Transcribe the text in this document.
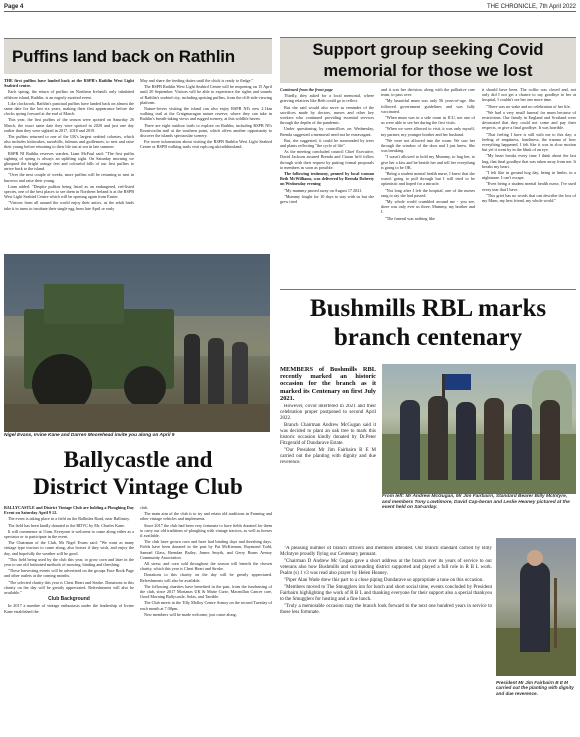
Page 4	THE CHRONICLE, 7th April 2022
Puffins land back on Rathlin

THE first puffins have landed back at the RSPB's Rathlin West Light Seabird centre.

Each spring, the return of puffins on Northern Ireland's only inhabited offshore island, Rathlin, is an eagerly awaited event.

Like clockwork, Rathlin's punctual puffins have landed back on almost the same date for the last six years, making their first appearance before the clocks spring forward at the end of March.

This year, the first puffins of the season were spotted on Saturday 26 March, the exact same date they were spotted in 2020 and just one day earlier than they were sighted in 2017, 2018 and 2019.

The puffins returned to one of the UK's largest seabird colonies, which also includes kittiwakes, razorbills, fulmars and guillemots, to nest and raise their young before returning to their life out at sea in late summer.

RSPB NI Rathlin reserves warden, Liam McFaul said: "The first puffin sighting of spring is always an uplifting sight. On Saturday morning we glimpsed the bright orange feet and colourful bills of our first puffins to arrive back to the island.

"Over the next couple of weeks, more puffins will be returning to nest in burrows and raise their young.

Liam added: "Despite puffins being listed as an endangered, red-listed species, one of the best places to see them in Northern Ireland is at the RSPB West Light Seabird Centre which will be opening again from Easter.

"Visitors from all around the world enjoy their antics, as the adult birds take it in turns to incubate their single egg from late April or early

May and share the feeding duties until the chick is ready to fledge."

The RSPB Rathlin West Light Seabird Centre will be reopening on 15 April until 20 September. Visitors will be able to experience the sights and sounds of Rathlin's seabird city, including spotting puffins, from the cliff-side viewing platform.

Nature-lovers visiting the island can also enjoy RSPB NI's new 2.1km walking trail at the Craigmacagan nature reserve, where they can take in Rathlin's breath-taking views and rugged scenery, at this wildlife haven.

There are eight outdoor trails to explore on Rathlin, including RSPB NI's Roonivoolin trail at the southern point, which offers another opportunity to discover the islands spectacular scenery.

For more information about visiting the RSPB Rathlin West Light Seabird Centre or RSPB walking trails visit rspb.org.uk/rathlinisland.

Nigel Evans, Irvine Kane and Darren Moorehead invite you along on April 9
Support group seeking Covid
memorial for those we lost

Continued from the front page

Thirdly, they asked for a local memorial, where grieving relatives like Beth could go to reflect.

But she said would also serve as reminder of the sacrifices made by doctors, nurses and other key workers who continued providing essential services through the depths of the pandemic.

Under questioning by councillors on Wednesday, Brenda suggested a memorial need not be extravagant.

But, she suggested, it could be surrounded by trees and plants reflecting "the cycle of life".

As the meeting concluded council Chief Executive, David Jackson assured Brenda and Ciaran he'd follow through with their request by putting formal proposals to members as soon as possible.

The following testimony, penned by local woman Beth McWilliams, was delivered by Brenda Doherty on Wednesday evening

"My mummy passed away on August 17 2021.

"Mummy fought for 10 days to stay with us but she grew tired

and it was her decision, along with the palliative care team, to pass over.

"My beautiful mum was only 56 years-of-age. She followed government guidelines and was fully vaccinated.

"When mum was in a side room in ICU, not one of us were able to see her during the first visits.

"When we were allowed to visit, it was only myself, my partner, my younger brother and her husband.

"We were not allowed into the room. We saw her through the window of the door and I just knew. She was breaking.

"I wasn't allowed to hold my Mummy, to hug her, to give her a kiss and be beside her and tell her everything is going to be OK.

"Being a student mental health nurse, I knew that she wasn't going to pull through but I still tried to be optimistic and hoped for a miracle.

"Not long after I left the hospital, one of the nurses rang to say she had passed.

"My whole world crumbled around me - you see, there was only ever us three; Mummy, my brother and I.

"The funeral was nothing like

it should have been. The coffin was closed and, not only did I not get a chance to say goodbye to her at hospital, I couldn't see her one more time.

"There was no wake and no celebration of her life.

"We had a very small funeral for mum because of restrictions. Our family in England and Scotland were devastated that they could not come and pay their respects, or give a final goodbye. It was horrible.

"That feeling I have is still with me to this day; a feeling of emptiness, loneliness, the trauma of how everything happened. I felt like it was in slow motion but yet it went by in the blink of an eye.

"My heart breaks every time I think about the last hug, that final goodbye that was taken away from me. It breaks my heart.

"I felt like in ground hog day, being in limbo, in a nightmare. I can't escape.

"Even being a student mental health nurse, I've used every tear that I have.

"This grief has no words that can describe the loss of my Mum, my best friend, my whole world."

Bushmills RBL marks
branch centenary
MEMBERS of Bushmills RBL recently marked an historic occasion for the branch as it marked its Centenary on first July 2021.

However, covid interfered in 2021 and their celebration proper postponed to second April 2022.

Branch Chairman Andrew McGugan said it was decided to plant an oak tree to mark this historic occasion kindly donated by Dr.Peter Fitzgerald of Dundarave Estate.

"Our President Mr Jim Fairbairn B E M carried out the planting with dignity and due reverence.

From left: Mr Andrew McGugan, Mr Jim Fairbairn, Standard Bearer Billy McIntyre, and members Tony Lowtimore, David Cap-beran and Leslie Heaney pictured at the event held on Sat-urday.

"A pleasing number of branch officers and members attended. Our branch standard carried by Billy McIntyre proudly flying our Centenary pennant.

"Chairman D Andrew Mc Gugan gave a short address at the branch over its years of service to our veterans also how Bushmills and surrounding district supported and played a full role in R B L work. Psalm (s) 1 v3 was read also prayer by Helen Heaney.

"Piper Alan Wade drew this part to a close piping Dundarave so appropriate a tune on this occasion.

"Members moved to The Smugglers inn for lunch and short social time, events concluded by President Fairbairn highlighting the work of R B L and thanking everyone for their support also a special thankyou to the Smugglers for hosting and a fine lunch.

"Truly a memorable occasion may the branch look forward to the next one hundred years in service to those less fortunate.

President Mr Jim Fairbairn B E M carried out the planting with dignity and due reverence.
Ballycastle and
District Vintage Club

BALLYCASTLE and District Vintage Club are holding a Ploughing Day Event on Saturday April 9 12.

The event is taking place in a field on the Ballinlea Road, near Ballintoy.

The field has been kindly donated to the BDVC by Mr. Charles Kane.

It will commence at 11am. Everyone is welcome to come along either as a spectator or to participate in the event.

The Chairman of the Club, Mr Nigel Evans said: "We want as many vintage type tractors to come along, also horses if they wish, and enjoy the day, and hopefully the weather will be good.

"This field being used by the club this year, to grow corn and later in the year to use old fashioned methods of mowing, binding and threshing.

"These harvesting events will be advertised on the groups Face Book Page and other outlets at the coming months.

"The selected charity this year is Chest Heart and Stroke. Donations to this charity on the day will be greatly appreciated. Refreshments will also be available."

Club Background

In 2017 a number of vintage enthusiasts under the leadership of Irvine Kane established the

club.

The main aim of the club is to try and retain old traditions in Farming and other vintage vehicles and implements.

Since 2017 the club had been very fortunate to have fields donated for them to carry out old traditions of ploughing with vintage tractors, as well as horses if available.

The club have grown corn and have had binding days and threshing days. Fields have been donated in the past by Pat McKiernan, Raymond Todd, Samuel Glass, Brendan Bailey, James Smyth, and Gerry Burns Armoy Community Association.

All straw, and corn sold throughout the season will benefit the chosen charity, which this year is Chest Heart and Stroke.

Donations to this charity on the day will be greatly appreciated. Refreshments will also be available.

The following charities have benefited in the past, from the fundraising of the club, since 2017 Mortanas UK & Marie Curie, Macmillan Cancer care, Good Morning Ballycastle, Solas, and Tarrible.

The Club meets in the Tilly Molloy Centre Armoy on the second Tuesday of each month at 7:30pm.

New members will be made welcome, just come along.
